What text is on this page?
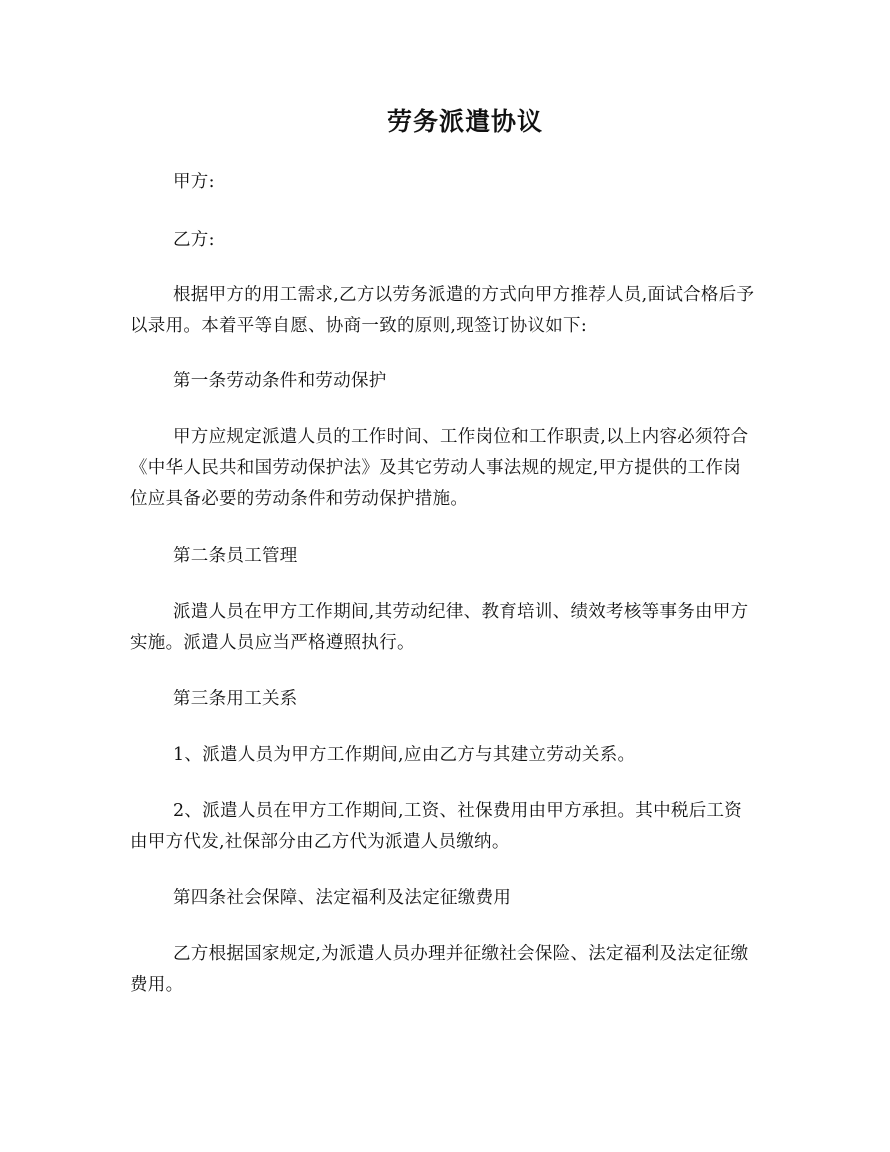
劳务派遣协议

甲方:

乙方:

根据甲方的用工需求,乙方以劳务派遣的方式向甲方推荐人员,面试合格后予以录用。本着平等自愿、协商一致的原则,现签订协议如下:

第一条劳动条件和劳动保护

甲方应规定派遣人员的工作时间、工作岗位和工作职责,以上内容必须符合《中华人民共和国劳动保护法》及其它劳动人事法规的规定,甲方提供的工作岗位应具备必要的劳动条件和劳动保护措施。

第二条员工管理

派遣人员在甲方工作期间,其劳动纪律、教育培训、绩效考核等事务由甲方实施。派遣人员应当严格遵照执行。

第三条用工关系

1、派遣人员为甲方工作期间,应由乙方与其建立劳动关系。

2、派遣人员在甲方工作期间,工资、社保费用由甲方承担。其中税后工资由甲方代发,社保部分由乙方代为派遣人员缴纳。

第四条社会保障、法定福利及法定征缴费用

乙方根据国家规定,为派遣人员办理并征缴社会保险、法定福利及法定征缴费用。
